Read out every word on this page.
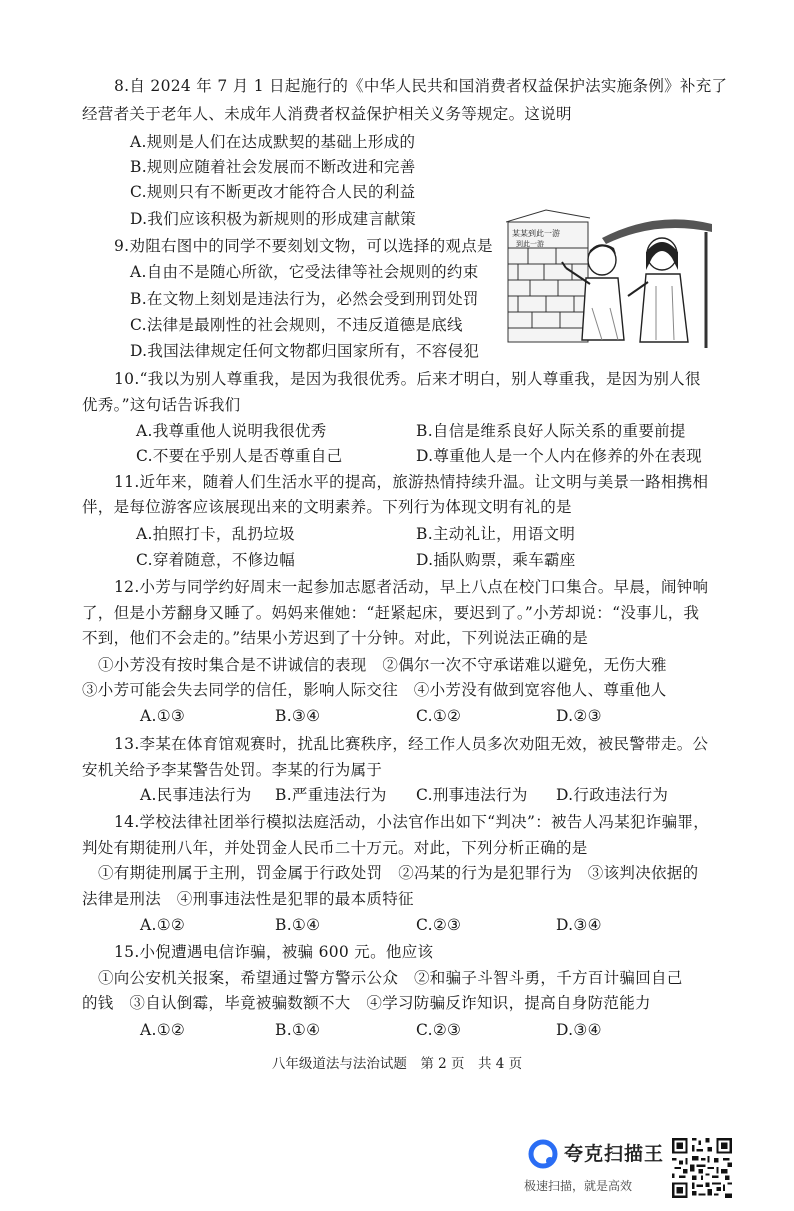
8.自 2024 年 7 月 1 日起施行的《中华人民共和国消费者权益保护法实施条例》补充了
经营者关于老年人、未成年人消费者权益保护相关义务等规定。这说明
A.规则是人们在达成默契的基础上形成的
B.规则应随着社会发展而不断改进和完善
C.规则只有不断更改才能符合人民的利益
D.我们应该积极为新规则的形成建言献策
9.劝阻右图中的同学不要刻划文物，可以选择的观点是
A.自由不是随心所欲，它受法律等社会规则的约束
B.在文物上刻划是违法行为，必然会受到刑罚处罚
C.法律是最刚性的社会规则，不违反道德是底线
D.我国法律规定任何文物都归国家所有，不容侵犯
某某到此一游
到此一游
10.“我以为别人尊重我，是因为我很优秀。后来才明白，别人尊重我，是因为别人很
优秀。”这句话告诉我们
A.我尊重他人说明我很优秀	B.自信是维系良好人际关系的重要前提
C.不要在乎别人是否尊重自己	D.尊重他人是一个人内在修养的外在表现
11.近年来，随着人们生活水平的提高，旅游热情持续升温。让文明与美景一路相携相
伴，是每位游客应该展现出来的文明素养。下列行为体现文明有礼的是
A.拍照打卡，乱扔垃圾	B.主动礼让，用语文明
C.穿着随意，不修边幅	D.插队购票，乘车霸座
12.小芳与同学约好周末一起参加志愿者活动，早上八点在校门口集合。早晨，闹钟响
了，但是小芳翻身又睡了。妈妈来催她：“赶紧起床，要迟到了。”小芳却说：“没事儿，我
不到，他们不会走的。”结果小芳迟到了十分钟。对此，下列说法正确的是
①小芳没有按时集合是不讲诚信的表现　②偶尔一次不守承诺难以避免，无伤大雅
③小芳可能会失去同学的信任，影响人际交往　④小芳没有做到宽容他人、尊重他人
A.①③	B.③④	C.①②	D.②③
13.李某在体育馆观赛时，扰乱比赛秩序，经工作人员多次劝阻无效，被民警带走。公
安机关给予李某警告处罚。李某的行为属于
A.民事违法行为 B.严重违法行为 C.刑事违法行为 D.行政违法行为
14.学校法律社团举行模拟法庭活动，小法官作出如下“判决”：被告人冯某犯诈骗罪，
判处有期徒刑八年，并处罚金人民币二十万元。对此，下列分析正确的是
①有期徒刑属于主刑，罚金属于行政处罚　②冯某的行为是犯罪行为　③该判决依据的
法律是刑法　④刑事违法性是犯罪的最本质特征
A.①②	B.①④	C.②③	D.③④
15.小倪遭遇电信诈骗，被骗 600 元。他应该
①向公安机关报案，希望通过警方警示公众　②和骗子斗智斗勇，千方百计骗回自己
的钱　③自认倒霉，毕竟被骗数额不大　④学习防骗反诈知识，提高自身防范能力
A.①②	B.①④	C.②③	D.③④
八年级道法与法治试题　第 2 页　共 4 页
夸克扫描王
极速扫描，就是高效
